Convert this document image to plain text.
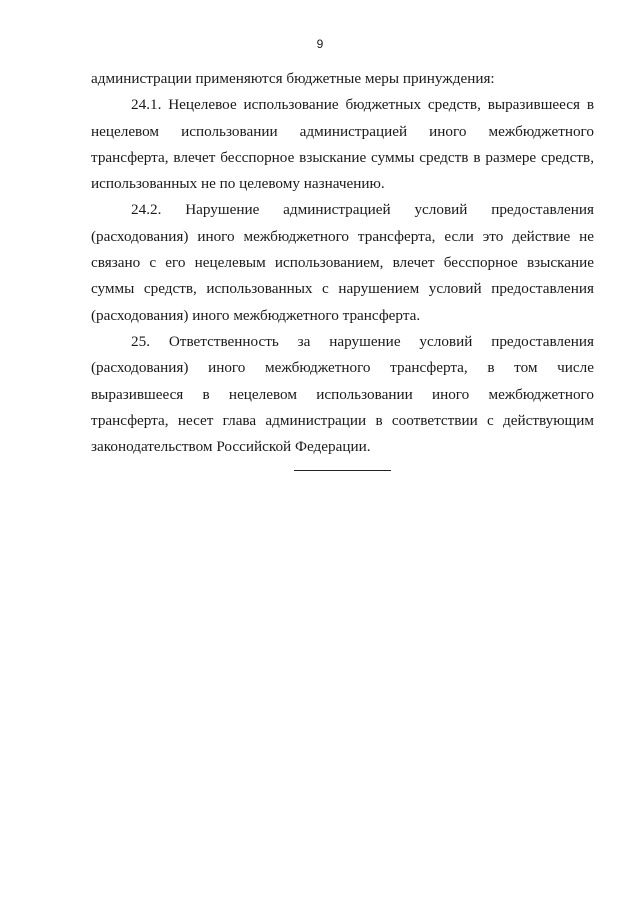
9

администрации применяются бюджетные меры принуждения:

24.1. Нецелевое использование бюджетных средств, выразившееся в нецелевом использовании администрацией иного межбюджетного трансферта, влечет бесспорное взыскание суммы средств в размере средств, использованных не по целевому назначению.

24.2. Нарушение администрацией условий предоставления (расходования) иного межбюджетного трансферта, если это действие не связано с его нецелевым использованием, влечет бесспорное взыскание суммы средств, использованных с нарушением условий предоставления (расходования) иного межбюджетного трансферта.

25. Ответственность за нарушение условий предоставления (расходования) иного межбюджетного трансферта, в том числе выразившееся в нецелевом использовании иного межбюджетного трансферта, несет глава администрации в соответствии с действующим законодательством Российской Федерации.
